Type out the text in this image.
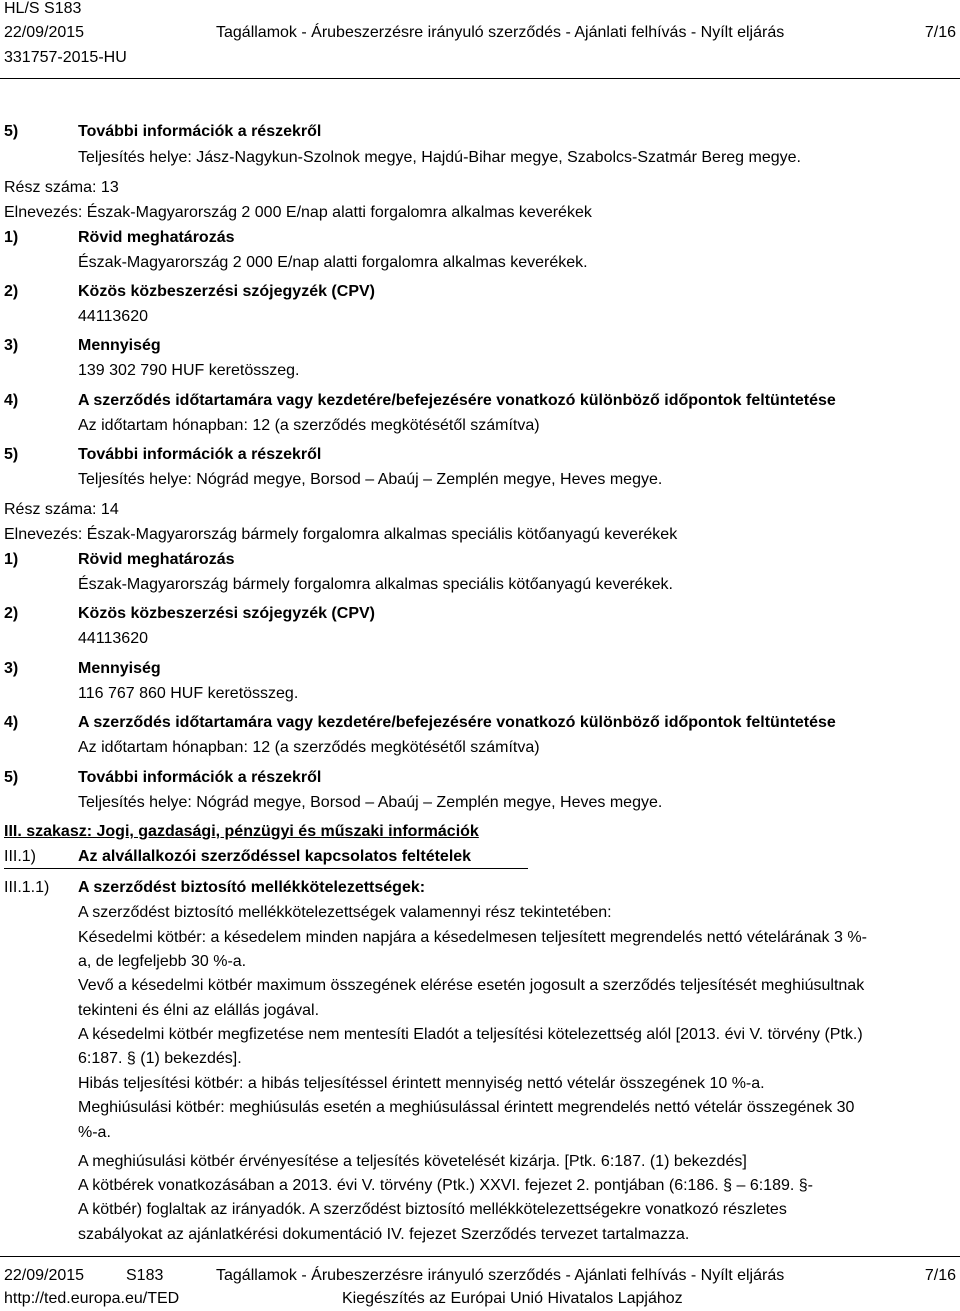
HL/S S183
22/09/2015	Tagállamok - Árubeszerzésre irányuló szerződés - Ajánlati felhívás - Nyílt eljárás	7/16
331757-2015-HU
5)	További információk a részekről
Teljesítés helye: Jász-Nagykun-Szolnok megye, Hajdú-Bihar megye, Szabolcs-Szatmár Bereg megye.
Rész száma: 13
Elnevezés: Észak-Magyarország 2 000 E/nap alatti forgalomra alkalmas keverékek
1)	Rövid meghatározás
Észak-Magyarország 2 000 E/nap alatti forgalomra alkalmas keverékek.
2)	Közös közbeszerzési szójegyzék (CPV)
44113620
3)	Mennyiség
139 302 790 HUF keretösszeg.
4)	A szerződés időtartamára vagy kezdetére/befejezésére vonatkozó különböző időpontok feltüntetése
Az időtartam hónapban: 12 (a szerződés megkötésétől számítva)
5)	További információk a részekről
Teljesítés helye: Nógrád megye, Borsod – Abaúj – Zemplén megye, Heves megye.
Rész száma: 14
Elnevezés: Észak-Magyarország bármely forgalomra alkalmas speciális kötőanyagú keverékek
1)	Rövid meghatározás
Észak-Magyarország bármely forgalomra alkalmas speciális kötőanyagú keverékek.
2)	Közös közbeszerzési szójegyzék (CPV)
44113620
3)	Mennyiség
116 767 860 HUF keretösszeg.
4)	A szerződés időtartamára vagy kezdetére/befejezésére vonatkozó különböző időpontok feltüntetése
Az időtartam hónapban: 12 (a szerződés megkötésétől számítva)
5)	További információk a részekről
Teljesítés helye: Nógrád megye, Borsod – Abaúj – Zemplén megye, Heves megye.
III. szakasz: Jogi, gazdasági, pénzügyi és műszaki információk
III.1)	Az alvállalkozói szerződéssel kapcsolatos feltételek
III.1.1) A szerződést biztosító mellékkötelezettségek:
A szerződést biztosító mellékkötelezettségek valamennyi rész tekintetében:
Késedelmi kötbér: a késedelem minden napjára a késedelmesen teljesített megrendelés nettó vételárának 3 %-
a, de legfeljebb 30 %-a.
Vevő a késedelmi kötbér maximum összegének elérése esetén jogosult a szerződés teljesítését meghiúsultnak
tekinteni és élni az elállás jogával.
A késedelmi kötbér megfizetése nem mentesíti Eladót a teljesítési kötelezettség alól [2013. évi V. törvény (Ptk.)
6:187. § (1) bekezdés].
Hibás teljesítési kötbér: a hibás teljesítéssel érintett mennyiség nettó vételár összegének 10 %-a.
Meghiúsulási kötbér: meghiúsulás esetén a meghiúsulással érintett megrendelés nettó vételár összegének 30
%-a.
A meghiúsulási kötbér érvényesítése a teljesítés követelését kizárja. [Ptk. 6:187. (1) bekezdés]
A kötbérek vonatkozásában a 2013. évi V. törvény (Ptk.) XXVI. fejezet 2. pontjában (6:186. § – 6:189. §-
A kötbér) foglaltak az irányadók. A szerződést biztosító mellékkötelezettségekre vonatkozó részletes
szabályokat az ajánlatkérési dokumentáció IV. fejezet Szerződés tervezet tartalmazza.
22/09/2015	S183	Tagállamok - Árubeszerzésre irányuló szerződés - Ajánlati felhívás - Nyílt eljárás	7/16
http://ted.europa.eu/TED	Kiegészítés az Európai Unió Hivatalos Lapjához
